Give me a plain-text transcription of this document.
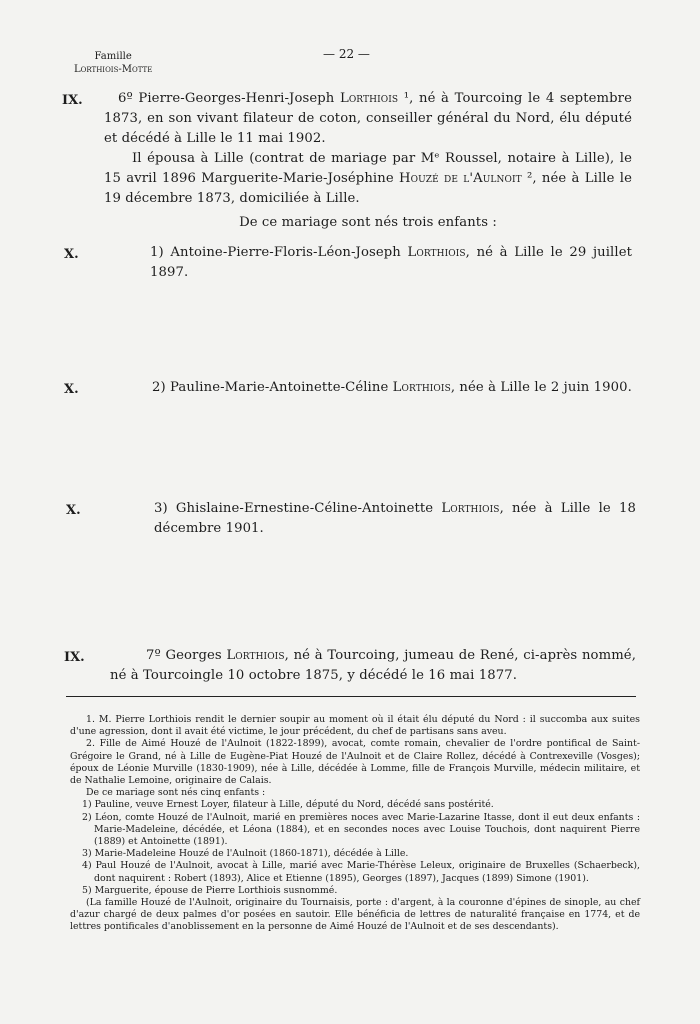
Famille
Lorthiois-Motte
— 22 —
IX.	6º Pierre-Georges-Henri-Joseph Lorthiois ¹, né à Tourcoing le 4 septembre 1873, en son vivant filateur de coton, conseiller général du Nord, élu député et décédé à Lille le 11 mai 1902.
Il épousa à Lille (contrat de mariage par Mᵉ Roussel, notaire à Lille), le 15 avril 1896 Marguerite-Marie-Joséphine Houzé de l'Aulnoit ², née à Lille le 19 décembre 1873, domiciliée à Lille.
De ce mariage sont nés trois enfants :
X.	1) Antoine-Pierre-Floris-Léon-Joseph Lorthiois, né à Lille le 29 juillet 1897.
X.	2) Pauline-Marie-Antoinette-Céline Lorthiois, née à Lille le 2 juin 1900.
X.	3) Ghislaine-Ernestine-Céline-Antoinette Lorthiois, née à Lille le 18 décembre 1901.
IX.	7º Georges Lorthiois, né à Tourcoing, jumeau de René, ci-après nommé, né à Tourcoingle 10 octobre 1875, y décédé le 16 mai 1877.

1. M. Pierre Lorthiois rendit le dernier soupir au moment où il était élu député du Nord : il succomba aux suites d'une agression, dont il avait été victime, le jour précédent, du chef de partisans sans aveu.

2. Fille de Aimé Houzé de l'Aulnoit (1822-1899), avocat, comte romain, chevalier de l'ordre pontifical de Saint-Grégoire le Grand, né à Lille de Eugène-Piat Houzé de l'Aulnoit et de Claire Rollez, décédé à Contrexeville (Vosges); époux de Léonie Murville (1830-1909), née à Lille, décédée à Lomme, fille de François Murville, médecin militaire, et de Nathalie Lemoine, originaire de Calais.

De ce mariage sont nés cinq enfants :

1) Pauline, veuve Ernest Loyer, filateur à Lille, député du Nord, décédé sans postérité.

2) Léon, comte Houzé de l'Aulnoit, marié en premières noces avec Marie-Lazarine Itasse, dont il eut deux enfants : Marie-Madeleine, décédée, et Léona (1884), et en secondes noces avec Louise Touchois, dont naquirent Pierre (1889) et Antoinette (1891).

3) Marie-Madeleine Houzé de l'Aulnoit (1860-1871), décédée à Lille.

4) Paul Houzé de l'Aulnoit, avocat à Lille, marié avec Marie-Thérèse Leleux, originaire de Bruxelles (Schaerbeck), dont naquirent : Robert (1893), Alice et Etienne (1895), Georges (1897), Jacques (1899) Simone (1901).

5) Marguerite, épouse de Pierre Lorthiois susnommé.

(La famille Houzé de l'Aulnoit, originaire du Tournaisis, porte : d'argent, à la couronne d'épines de sinople, au chef d'azur chargé de deux palmes d'or posées en sautoir. Elle bénéficia de lettres de naturalité française en 1774, et de lettres pontificales d'anoblissement en la personne de Aimé Houzé de l'Aulnoit et de ses descendants).
